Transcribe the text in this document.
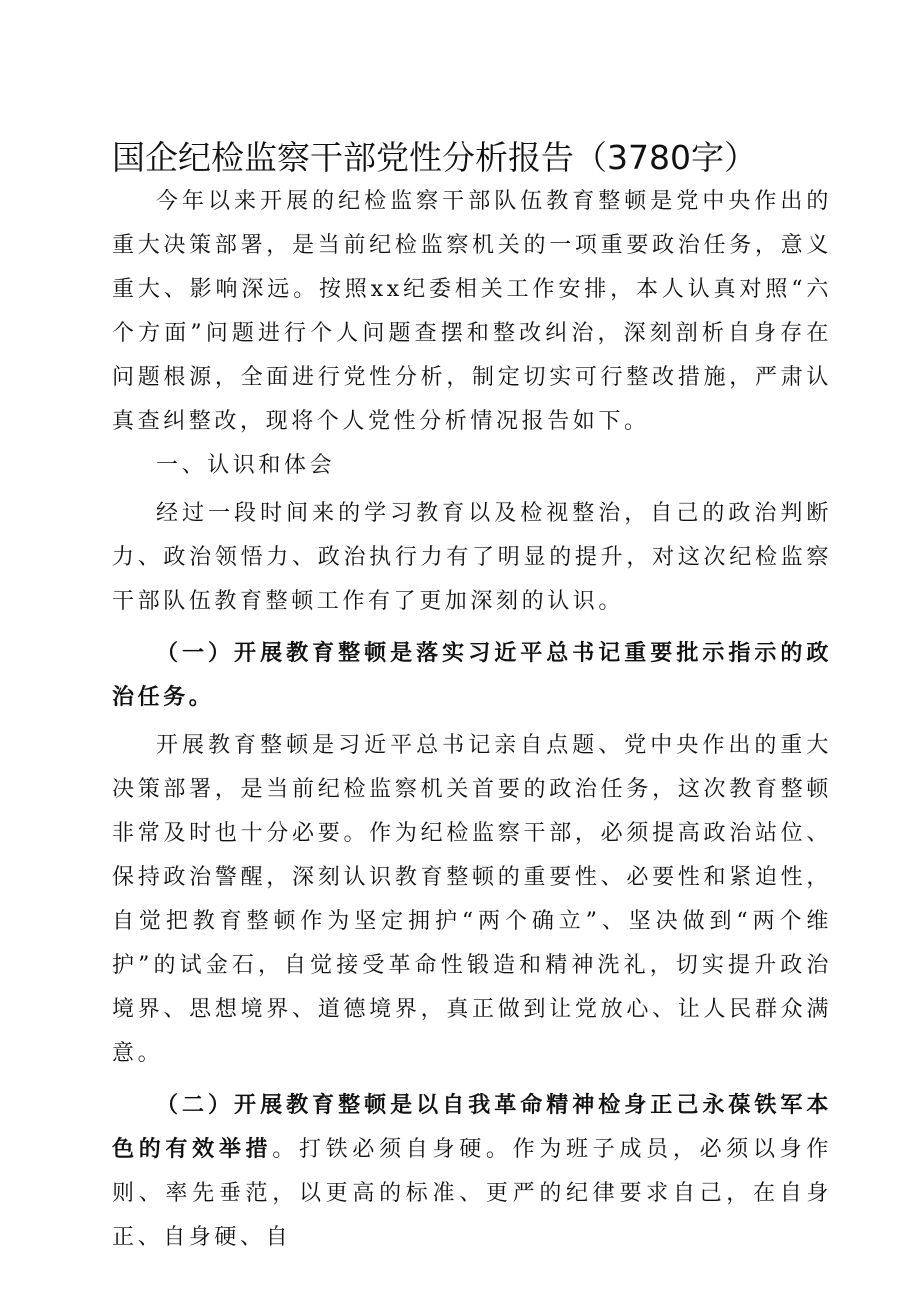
国企纪检监察干部党性分析报告（3780字）

今年以来开展的纪检监察干部队伍教育整顿是党中央作出的重大决策部署，是当前纪检监察机关的一项重要政治任务，意义重大、影响深远。按照xx纪委相关工作安排，本人认真对照“六个方面”问题进行个人问题查摆和整改纠治，深刻剖析自身存在问题根源，全面进行党性分析，制定切实可行整改措施，严肃认真查纠整改，现将个人党性分析情况报告如下。

一、认识和体会

经过一段时间来的学习教育以及检视整治，自己的政治判断力、政治领悟力、政治执行力有了明显的提升，对这次纪检监察干部队伍教育整顿工作有了更加深刻的认识。

（一）开展教育整顿是落实习近平总书记重要批示指示的政治任务。

开展教育整顿是习近平总书记亲自点题、党中央作出的重大决策部署，是当前纪检监察机关首要的政治任务，这次教育整顿非常及时也十分必要。作为纪检监察干部，必须提高政治站位、保持政治警醒，深刻认识教育整顿的重要性、必要性和紧迫性，自觉把教育整顿作为坚定拥护“两个确立”、坚决做到“两个维护”的试金石，自觉接受革命性锻造和精神洗礼，切实提升政治境界、思想境界、道德境界，真正做到让党放心、让人民群众满意。

（二）开展教育整顿是以自我革命精神检身正己永葆铁军本色的有效举措。打铁必须自身硬。作为班子成员，必须以身作则、率先垂范，以更高的标准、更严的纪律要求自己，在自身正、自身硬、自
